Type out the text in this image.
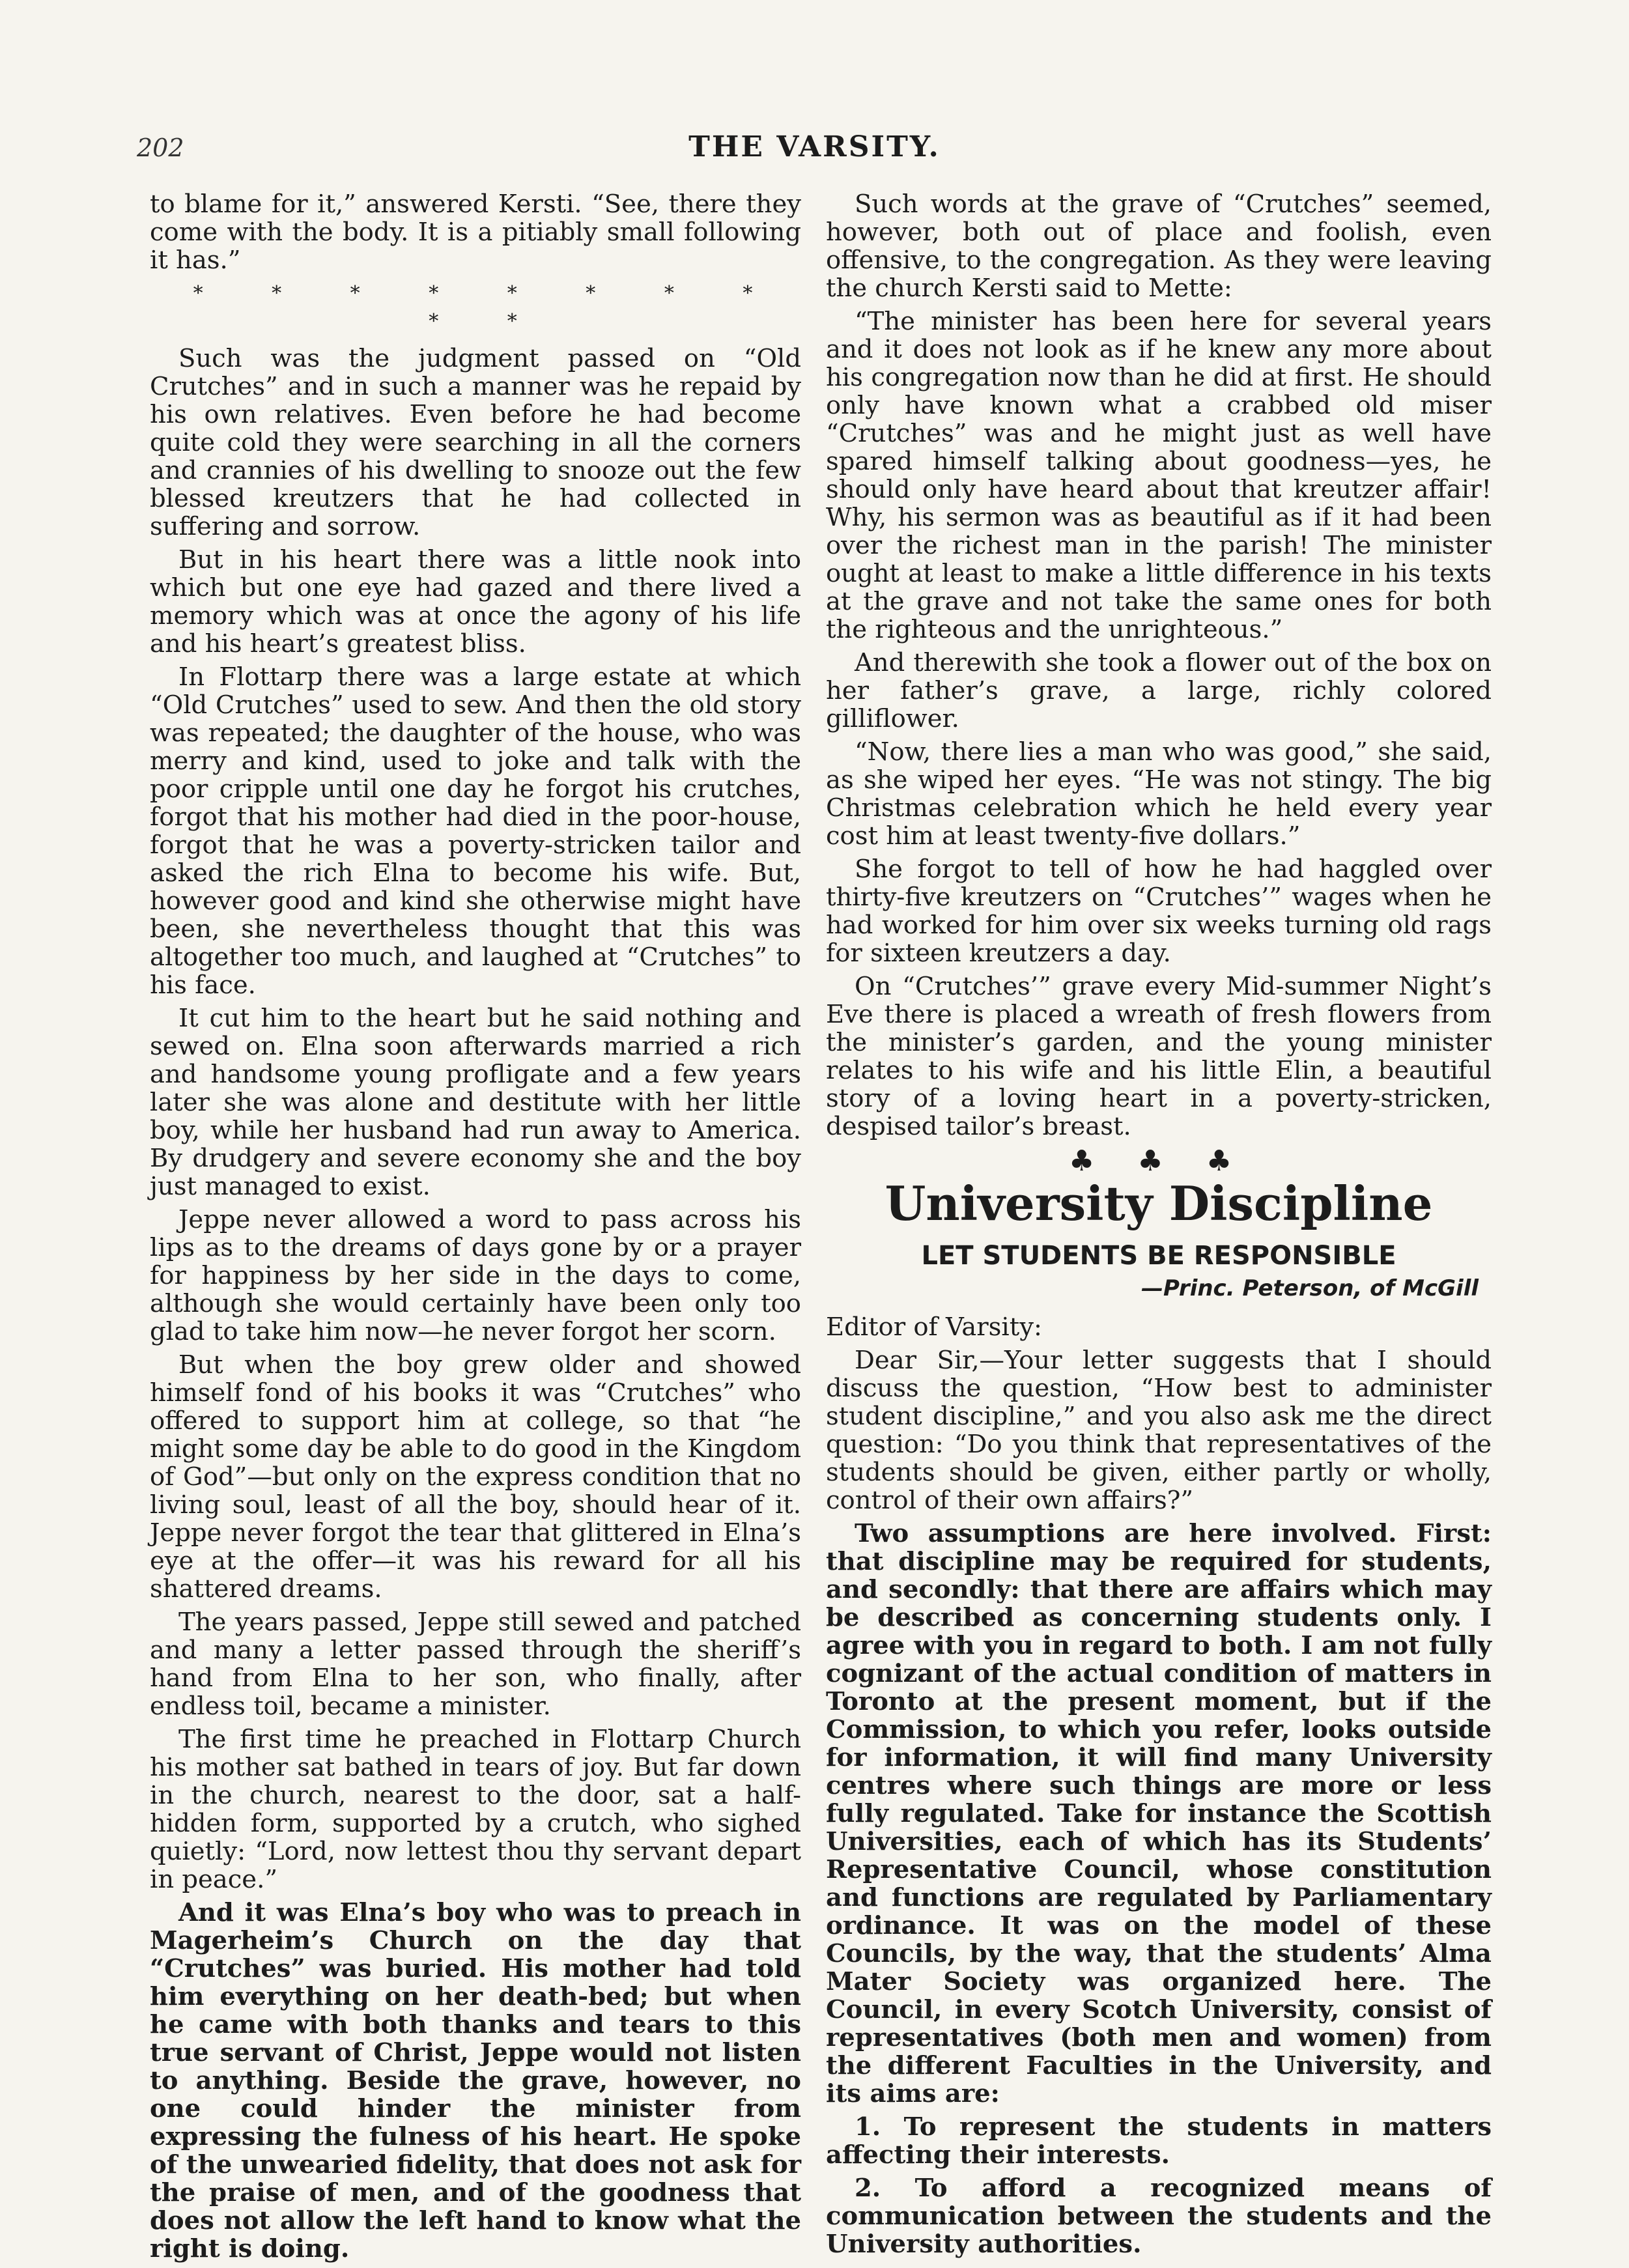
202	THE VARSITY.

to blame for it,” answered Kersti. “See, there they come with the body. It is a pitiably small following it has.”

* * * * * * * * * *

Such was the judgment passed on “Old Crutches” and in such a manner was he repaid by his own relatives. Even before he had become quite cold they were searching in all the corners and crannies of his dwelling to snooze out the few blessed kreutzers that he had collected in suffering and sorrow.

But in his heart there was a little nook into which but one eye had gazed and there lived a memory which was at once the agony of his life and his heart’s greatest bliss.

In Flottarp there was a large estate at which “Old Crutches” used to sew. And then the old story was repeated; the daughter of the house, who was merry and kind, used to joke and talk with the poor cripple until one day he forgot his crutches, forgot that his mother had died in the poor-house, forgot that he was a poverty-stricken tailor and asked the rich Elna to become his wife. But, however good and kind she otherwise might have been, she nevertheless thought that this was altogether too much, and laughed at “Crutches” to his face.

It cut him to the heart but he said nothing and sewed on. Elna soon afterwards married a rich and handsome young profligate and a few years later she was alone and destitute with her little boy, while her husband had run away to America. By drudgery and severe economy she and the boy just managed to exist.

Jeppe never allowed a word to pass across his lips as to the dreams of days gone by or a prayer for happiness by her side in the days to come, although she would certainly have been only too glad to take him now—he never forgot her scorn.

But when the boy grew older and showed himself fond of his books it was “Crutches” who offered to support him at college, so that “he might some day be able to do good in the Kingdom of God”—but only on the express condition that no living soul, least of all the boy, should hear of it. Jeppe never forgot the tear that glittered in Elna’s eye at the offer—it was his reward for all his shattered dreams.

The years passed, Jeppe still sewed and patched and many a letter passed through the sheriff’s hand from Elna to her son, who finally, after endless toil, became a minister.

The first time he preached in Flottarp Church his mother sat bathed in tears of joy. But far down in the church, nearest to the door, sat a half-hidden form, supported by a crutch, who sighed quietly: “Lord, now lettest thou thy servant depart in peace.”

And it was Elna’s boy who was to preach in Magerheim’s Church on the day that “Crutches” was buried. His mother had told him everything on her death-bed; but when he came with both thanks and tears to this true servant of Christ, Jeppe would not listen to anything. Beside the grave, however, no one could hinder the minister from expressing the fulness of his heart. He spoke of the unwearied fidelity, that does not ask for the praise of men, and of the goodness that does not allow the left hand to know what the right is doing.

Such words at the grave of “Crutches” seemed, however, both out of place and foolish, even offensive, to the congregation. As they were leaving the church Kersti said to Mette:

“The minister has been here for several years and it does not look as if he knew any more about his congregation now than he did at first. He should only have known what a crabbed old miser “Crutches” was and he might just as well have spared himself talking about goodness—yes, he should only have heard about that kreutzer affair! Why, his sermon was as beautiful as if it had been over the richest man in the parish! The minister ought at least to make a little difference in his texts at the grave and not take the same ones for both the righteous and the unrighteous.”

And therewith she took a flower out of the box on her father’s grave, a large, richly colored gilliflower.

“Now, there lies a man who was good,” she said, as she wiped her eyes. “He was not stingy. The big Christmas celebration which he held every year cost him at least twenty-five dollars.”

She forgot to tell of how he had haggled over thirty-five kreutzers on “Crutches’” wages when he had worked for him over six weeks turning old rags for sixteen kreutzers a day.

On “Crutches’” grave every Mid-summer Night’s Eve there is placed a wreath of fresh flowers from the minister’s garden, and the young minister relates to his wife and his little Elin, a beautiful story of a loving heart in a poverty-stricken, despised tailor’s breast.

♣ ♣ ♣
University Discipline
LET STUDENTS BE RESPONSIBLE
—Princ. Peterson, of McGill

Editor of Varsity:

Dear Sir,—Your letter suggests that I should discuss the question, “How best to administer student discipline,” and you also ask me the direct question: “Do you think that representatives of the students should be given, either partly or wholly, control of their own affairs?”

Two assumptions are here involved. First: that discipline may be required for students, and secondly: that there are affairs which may be described as concerning students only. I agree with you in regard to both. I am not fully cognizant of the actual condition of matters in Toronto at the present moment, but if the Commission, to which you refer, looks outside for information, it will find many University centres where such things are more or less fully regulated. Take for instance the Scottish Universities, each of which has its Students’ Representative Council, whose constitution and functions are regulated by Parliamentary ordinance. It was on the model of these Councils, by the way, that the students’ Alma Mater Society was organized here. The Council, in every Scotch University, consist of representatives (both men and women) from the different Faculties in the University, and its aims are:

1. To represent the students in matters affecting their interests.

2. To afford a recognized means of communication between the students and the University authorities.
